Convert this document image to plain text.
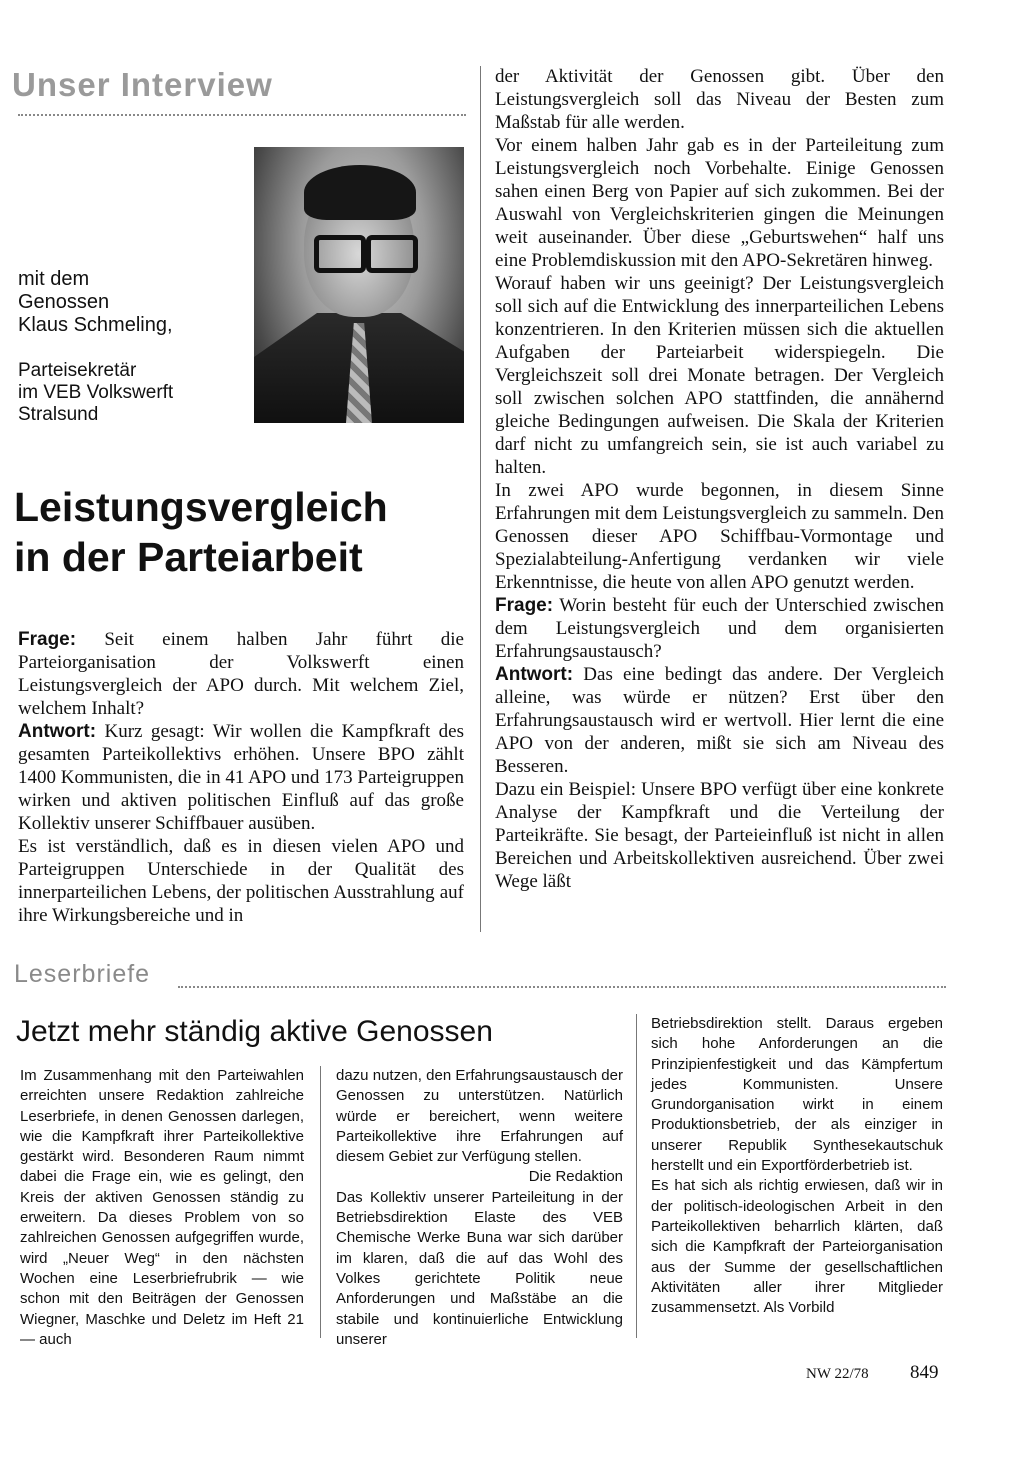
Unser Interview
mit dem
Genossen
Klaus Schmeling,
Parteisekretär
im VEB Volkswerft
Stralsund
Leistungsvergleich
in der Parteiarbeit

Frage: Seit einem halben Jahr führt die Parteiorganisation der Volkswerft einen Leistungsvergleich der APO durch. Mit welchem Ziel, welchem Inhalt?

Antwort: Kurz gesagt: Wir wollen die Kampfkraft des gesamten Parteikollektivs erhöhen. Unsere BPO zählt 1400 Kommunisten, die in 41 APO und 173 Parteigruppen wirken und aktiven politischen Einfluß auf das große Kollektiv unserer Schiffbauer ausüben.

Es ist verständlich, daß es in diesen vielen APO und Parteigruppen Unterschiede in der Qualität des innerparteilichen Lebens, der politischen Ausstrahlung auf ihre Wirkungsbereiche und in

der Aktivität der Genossen gibt. Über den Leistungsvergleich soll das Niveau der Besten zum Maßstab für alle werden.

Vor einem halben Jahr gab es in der Parteileitung zum Leistungsvergleich noch Vorbehalte. Einige Genossen sahen einen Berg von Papier auf sich zukommen. Bei der Auswahl von Vergleichskriterien gingen die Meinungen weit auseinander. Über diese „Geburtswehen“ half uns eine Problemdiskussion mit den APO-Sekretären hinweg.

Worauf haben wir uns geeinigt? Der Leistungsvergleich soll sich auf die Entwicklung des innerparteilichen Lebens konzentrieren. In den Kriterien müssen sich die aktuellen Aufgaben der Parteiarbeit widerspiegeln. Die Vergleichszeit soll drei Monate betragen. Der Vergleich soll zwischen solchen APO stattfinden, die annähernd gleiche Bedingungen aufweisen. Die Skala der Kriterien darf nicht zu umfangreich sein, sie ist auch variabel zu halten.

In zwei APO wurde begonnen, in diesem Sinne Erfahrungen mit dem Leistungsvergleich zu sammeln. Den Genossen dieser APO Schiffbau-Vormontage und Spezialabteilung-Anfertigung verdanken wir viele Erkenntnisse, die heute von allen APO genutzt werden.

Frage: Worin besteht für euch der Unterschied zwischen dem Leistungsvergleich und dem organisierten Erfahrungsaustausch?

Antwort: Das eine bedingt das andere. Der Vergleich alleine, was würde er nützen? Erst über den Erfahrungsaustausch wird er wertvoll. Hier lernt die eine APO von der anderen, mißt sie sich am Niveau des Besseren.

Dazu ein Beispiel: Unsere BPO verfügt über eine konkrete Analyse der Kampfkraft und die Verteilung der Parteikräfte. Sie besagt, der Parteieinfluß ist nicht in allen Bereichen und Arbeitskollektiven ausreichend. Über zwei Wege läßt

Leserbriefe
Jetzt mehr ständig aktive Genossen

Im Zusammenhang mit den Parteiwahlen erreichten unsere Redaktion zahlreiche Leserbriefe, in denen Genossen darlegen, wie die Kampfkraft ihrer Parteikollektive gestärkt wird. Besonderen Raum nimmt dabei die Frage ein, wie es gelingt, den Kreis der aktiven Genossen ständig zu erweitern. Da dieses Problem von so zahlreichen Genossen aufgegriffen wurde, wird „Neuer Weg“ in den nächsten Wochen eine Leserbriefrubrik — wie schon mit den Beiträgen der Genossen Wiegner, Maschke und Deletz im Heft 21 — auch

dazu nutzen, den Erfahrungsaustausch der Genossen zu unterstützen. Natürlich würde er bereichert, wenn weitere Parteikollektive ihre Erfahrungen auf diesem Gebiet zur Verfügung stellen.

Die Redaktion

Das Kollektiv unserer Parteileitung in der Betriebsdirektion Elaste des VEB Chemische Werke Buna war sich darüber im klaren, daß die auf das Wohl des Volkes gerichtete Politik neue Anforderungen und Maßstäbe an die stabile und kontinuierliche Entwicklung unserer

Betriebsdirektion stellt. Daraus ergeben sich hohe Anforderungen an die Prinzipienfestigkeit und das Kämpfertum jedes Kommunisten. Unsere Grundorganisation wirkt in einem Produktionsbetrieb, der als einziger in unserer Republik Synthesekautschuk herstellt und ein Exportförderbetrieb ist.

Es hat sich als richtig erwiesen, daß wir in der politisch-ideologischen Arbeit in den Parteikollektiven beharrlich klärten, daß sich die Kampfkraft der Parteiorganisation aus der Summe der gesellschaftlichen Aktivitäten aller ihrer Mitglieder zusammensetzt. Als Vorbild

NW 22/78 849
